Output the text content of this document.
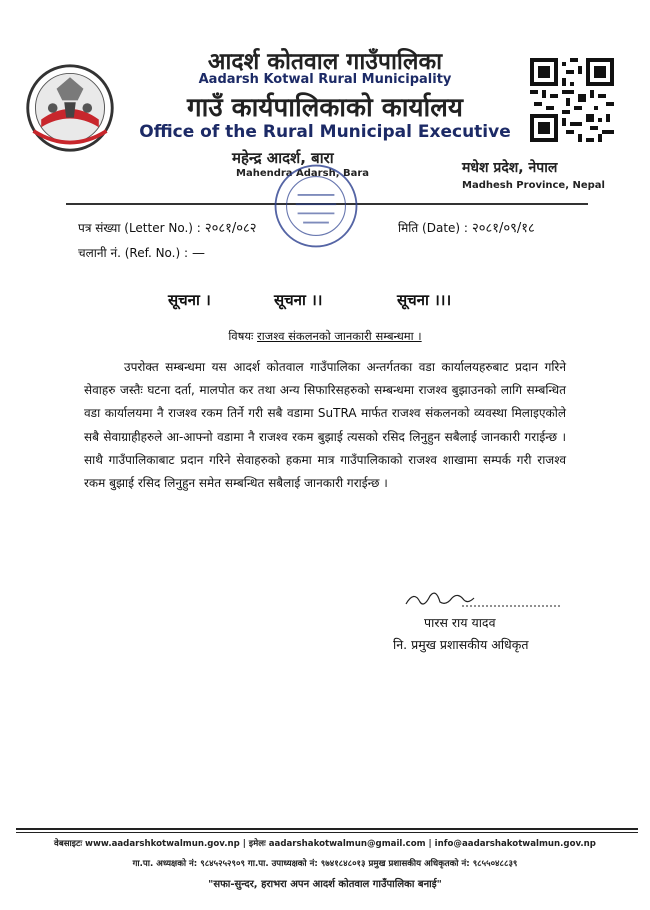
आदर्श कोतवाल गाउँपालिका
Aadarsh Kotwal Rural Municipality
गाउँ कार्यपालिकाको कार्यालय
Office of the Rural Municipal Executive
महेन्द्र आदर्श, बारा
Mahendra Adarsh, Bara	मधेश प्रदेश, नेपाल
Madhesh Province, Nepal
पत्र संख्या (Letter No.) : २०८१/०८२	मिति (Date) : २०८१/०९/१८
चलानी नं. (Ref. No.) : —
सूचना ।	सूचना ।।	सूचना ।।।
विषयः राजश्व संकलनको जानकारी सम्बन्धमा ।
उपरोक्त सम्बन्धमा यस आदर्श कोतवाल गाउँपालिका अन्तर्गतका वडा कार्यालयहरुबाट प्रदान गरिने सेवाहरु जस्तैः घटना दर्ता, मालपोत कर तथा अन्य सिफारिसहरुको सम्बन्धमा राजश्व बुझाउनको लागि सम्बन्धित वडा कार्यालयमा नै राजश्व रकम तिर्ने गरी सबै वडामा SuTRA मार्फत राजश्व संकलनको व्यवस्था मिलाइएकोले सबै सेवाग्राहीहरुले आ-आफ्नो वडामा नै राजश्व रकम बुझाई त्यसको रसिद लिनुहुन सबैलाई जानकारी गराईन्छ । साथै गाउँपालिकाबाट प्रदान गरिने सेवाहरुको हकमा मात्र गाउँपालिकाको राजश्व शाखामा सम्पर्क गरी राजश्व रकम बुझाई रसिद लिनुहुन समेत सम्बन्धित सबैलाई जानकारी गराईन्छ ।
पारस राय यादव
नि. प्रमुख प्रशासकीय अधिकृत
वेबसाइटः www.aadarshkotwalmun.gov.np | इमेलः aadarshakotwalmun@gmail.com | info@aadarshakotwalmun.gov.np
गा.पा. अध्यक्षको नं: ९८४५२५२९०९ गा.पा. उपाध्यक्षको नं: ९७४१८४८०१३ प्रमुख प्रशासकीय अधिकृतको नं: ९८५५०४८८३९
"सफा-सुन्दर, हराभरा अपन आदर्श कोतवाल गाउँपालिका बनाई"
